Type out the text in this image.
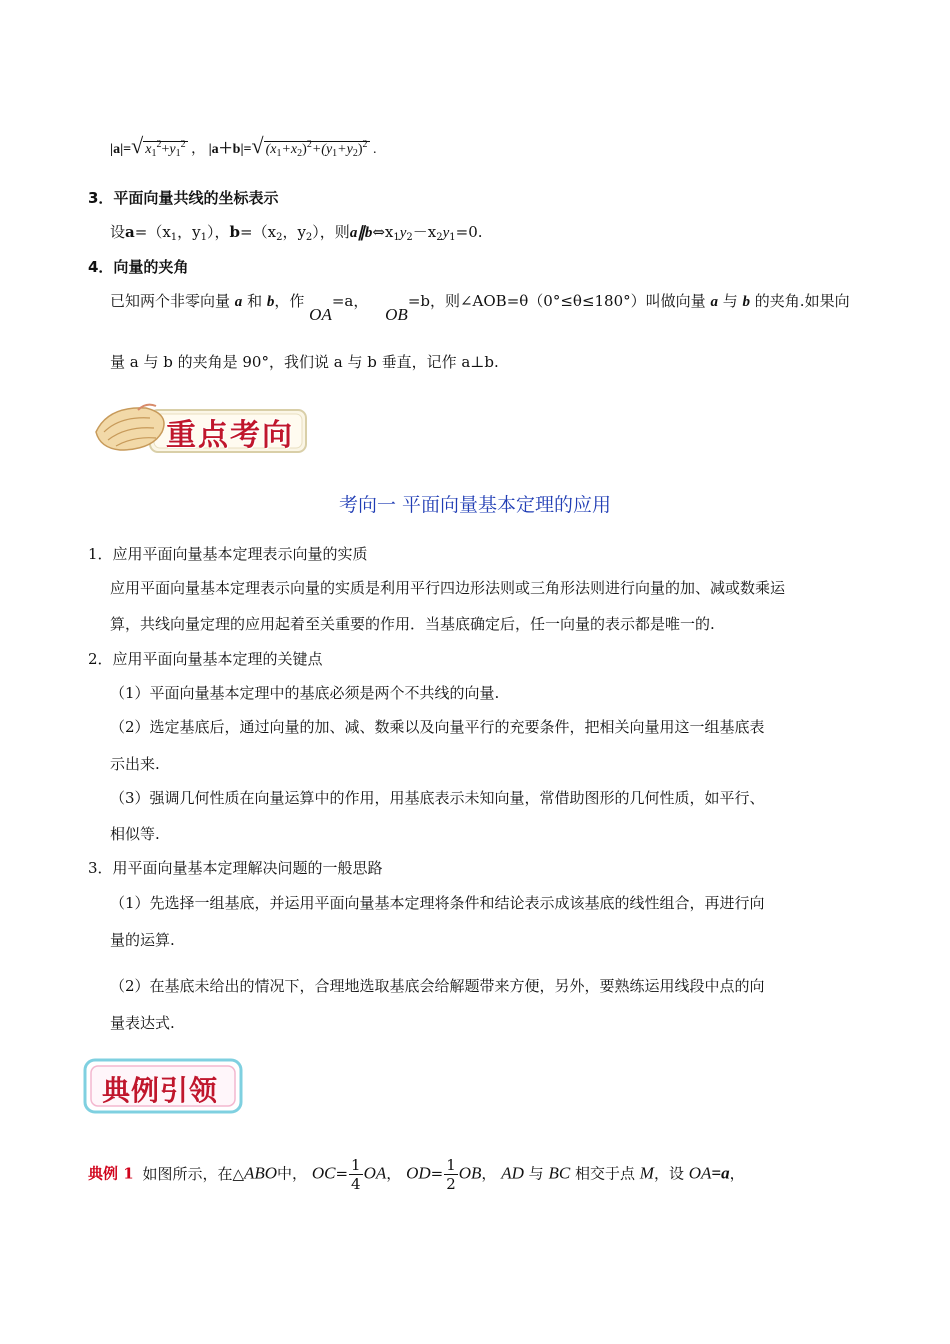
|a|=√ $x_1^2+y_1^2$ ， |a＋b|=√ $(x_1+x_2)^2+(y_1+y_2)^2$ .
3．平面向量共线的坐标表示
设$a=(x_1$，$y_1$），$b=(x_2$，$y_2$），则$a\parallel b\Leftrightarrow x_1y_2-x_2y_1=0$.
4．向量的夹角
已知两个非零向量 a 和 b，作 OA=a， OB=b，则∠AOB=θ（0°≤θ≤180°）叫做向量 a 与 b 的夹角.如果向
量 a 与 b 的夹角是 90°，我们说 a 与 b 垂直，记作 a⊥b.
重点考向
考向一 平面向量基本定理的应用
1．应用平面向量基本定理表示向量的实质
应用平面向量基本定理表示向量的实质是利用平行四边形法则或三角形法则进行向量的加、减或数乘运
算，共线向量定理的应用起着至关重要的作用．当基底确定后，任一向量的表示都是唯一的.
2．应用平面向量基本定理的关键点
（1）平面向量基本定理中的基底必须是两个不共线的向量.
（2）选定基底后，通过向量的加、减、数乘以及向量平行的充要条件，把相关向量用这一组基底表
示出来.
（3）强调几何性质在向量运算中的作用，用基底表示未知向量，常借助图形的几何性质，如平行、
相似等.
3．用平面向量基本定理解决问题的一般思路
（1）先选择一组基底，并运用平面向量基本定理将条件和结论表示成该基底的线性组合，再进行向
量的运算.
（2）在基底未给出的情况下，合理地选取基底会给解题带来方便，另外，要熟练运用线段中点的向
量表达式.
典例引领
典例 1 如图所示，在△ABO中， $OC= \frac{1}{4}$ OA， $OD= \frac{1}{2}$ OB， AD 与 BC 相交于点 M，设 OA=a，
